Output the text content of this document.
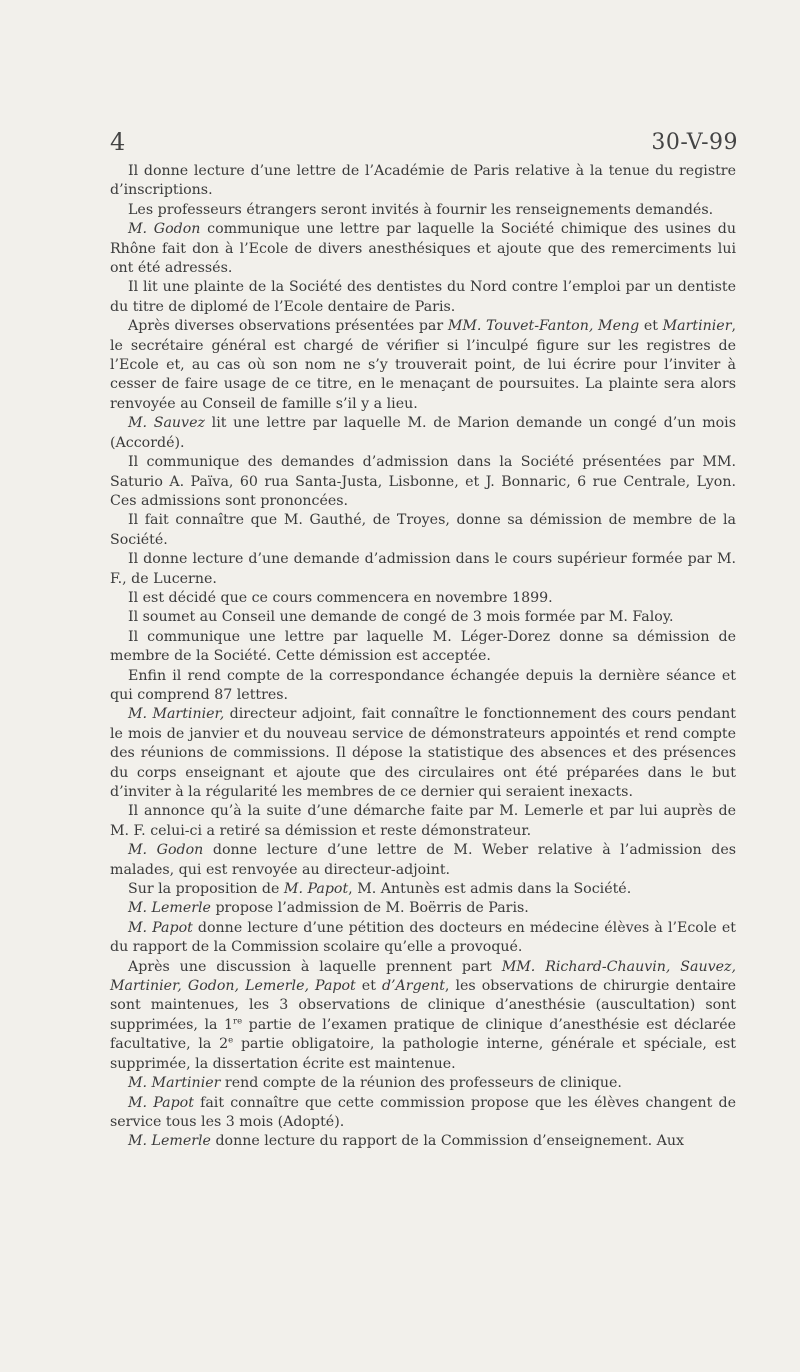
4	30-V-99

Il donne lecture d’une lettre de l’Académie de Paris relative à la tenue du registre d’inscriptions.

Les professeurs étrangers seront invités à fournir les renseignements demandés.

M. Godon communique une lettre par laquelle la Société chimique des usines du Rhône fait don à l’Ecole de divers anesthésiques et ajoute que des remerciments lui ont été adressés.

Il lit une plainte de la Société des dentistes du Nord contre l’emploi par un dentiste du titre de diplomé de l’Ecole dentaire de Paris.

Après diverses observations présentées par MM. Touvet-Fanton, Meng et Martinier, le secrétaire général est chargé de vérifier si l’inculpé figure sur les registres de l’Ecole et, au cas où son nom ne s’y trouverait point, de lui écrire pour l’inviter à cesser de faire usage de ce titre, en le menaçant de poursuites. La plainte sera alors renvoyée au Conseil de famille s’il y a lieu.

M. Sauvez lit une lettre par laquelle M. de Marion demande un congé d’un mois (Accordé).

Il communique des demandes d’admission dans la Société présentées par MM. Saturio A. Païva, 60 rua Santa-Justa, Lisbonne, et J. Bonnaric, 6 rue Centrale, Lyon. Ces admissions sont prononcées.

Il fait connaître que M. Gauthé, de Troyes, donne sa démission de membre de la Société.

Il donne lecture d’une demande d’admission dans le cours supérieur formée par M. F., de Lucerne.

Il est décidé que ce cours commencera en novembre 1899.

Il soumet au Conseil une demande de congé de 3 mois formée par M. Faloy.

Il communique une lettre par laquelle M. Léger-Dorez donne sa démission de membre de la Société. Cette démission est acceptée.

Enfin il rend compte de la correspondance échangée depuis la dernière séance et qui comprend 87 lettres.

M. Martinier, directeur adjoint, fait connaître le fonctionnement des cours pendant le mois de janvier et du nouveau service de démonstrateurs appointés et rend compte des réunions de commissions. Il dépose la statistique des absences et des présences du corps enseignant et ajoute que des circulaires ont été préparées dans le but d’inviter à la régularité les membres de ce dernier qui seraient inexacts.

Il annonce qu’à la suite d’une démarche faite par M. Lemerle et par lui auprès de M. F. celui-ci a retiré sa démission et reste démonstrateur.

M. Godon donne lecture d’une lettre de M. Weber relative à l’admission des malades, qui est renvoyée au directeur-adjoint.

Sur la proposition de M. Papot, M. Antunès est admis dans la Société.

M. Lemerle propose l’admission de M. Boërris de Paris.

M. Papot donne lecture d’une pétition des docteurs en médecine élèves à l’Ecole et du rapport de la Commission scolaire qu’elle a provoqué.

Après une discussion à laquelle prennent part MM. Richard-Chauvin, Sauvez, Martinier, Godon, Lemerle, Papot et d’Argent, les observations de chirurgie dentaire sont maintenues, les 3 observations de clinique d’anesthésie (auscultation) sont supprimées, la 1re partie de l’examen pratique de clinique d’anesthésie est déclarée facultative, la 2e partie obligatoire, la pathologie interne, générale et spéciale, est supprimée, la dissertation écrite est maintenue.

M. Martinier rend compte de la réunion des professeurs de clinique.

M. Papot fait connaître que cette commission propose que les élèves changent de service tous les 3 mois (Adopté).

M. Lemerle donne lecture du rapport de la Commission d’enseignement. Aux
